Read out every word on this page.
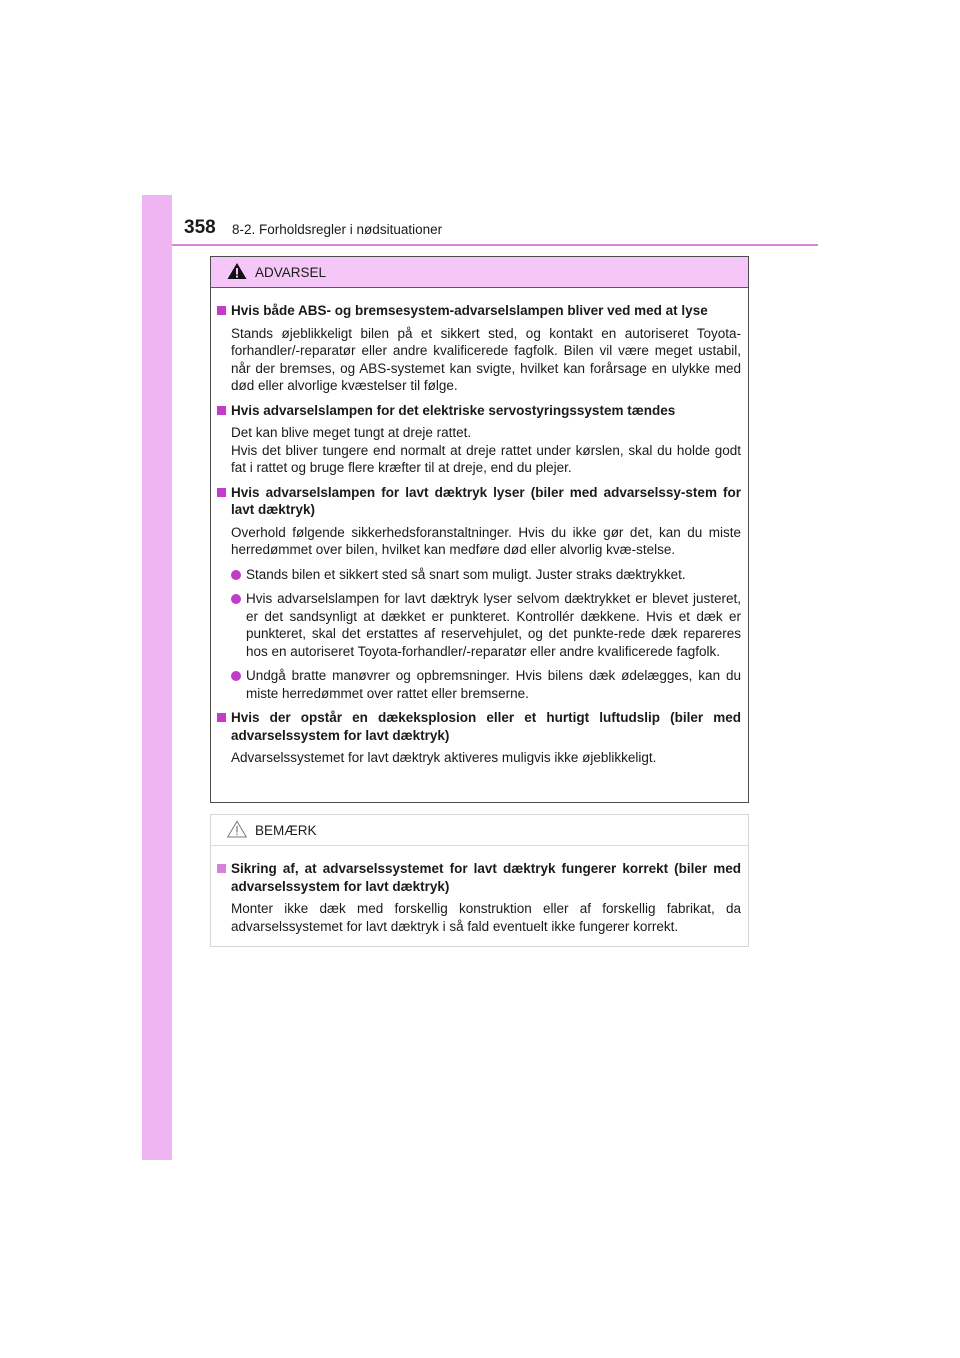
358 8-2. Forholdsregler i nødsituationer
ADVARSEL
Hvis både ABS- og bremsesystem-advarselslampen bliver ved med at lyse

Stands øjeblikkeligt bilen på et sikkert sted, og kontakt en autoriseret Toyota-forhandler/-reparatør eller andre kvalificerede fagfolk. Bilen vil være meget ustabil, når der bremses, og ABS-systemet kan svigte, hvilket kan forårsage en ulykke med død eller alvorlige kvæstelser til følge.

Hvis advarselslampen for det elektriske servostyringssystem tændes

Det kan blive meget tungt at dreje rattet.

Hvis det bliver tungere end normalt at dreje rattet under kørslen, skal du holde godt fat i rattet og bruge flere kræfter til at dreje, end du plejer.

Hvis advarselslampen for lavt dæktryk lyser (biler med advarselssy-stem for lavt dæktryk)

Overhold følgende sikkerhedsforanstaltninger. Hvis du ikke gør det, kan du miste herredømmet over bilen, hvilket kan medføre død eller alvorlig kvæ-stelse.

Stands bilen et sikkert sted så snart som muligt. Juster straks dæktrykket.
Hvis advarselslampen for lavt dæktryk lyser selvom dæktrykket er blevet justeret, er det sandsynligt at dækket er punkteret. Kontrollér dækkene. Hvis et dæk er punkteret, skal det erstattes af reservehjulet, og det punkte-rede dæk repareres hos en autoriseret Toyota-forhandler/-reparatør eller andre kvalificerede fagfolk.
Undgå bratte manøvrer og opbremsninger. Hvis bilens dæk ødelægges, kan du miste herredømmet over rattet eller bremserne.
Hvis der opstår en dækeksplosion eller et hurtigt luftudslip (biler med advarselssystem for lavt dæktryk)

Advarselssystemet for lavt dæktryk aktiveres muligvis ikke øjeblikkeligt.

BEMÆRK
Sikring af, at advarselssystemet for lavt dæktryk fungerer korrekt (biler med advarselssystem for lavt dæktryk)

Monter ikke dæk med forskellig konstruktion eller af forskellig fabrikat, da advarselssystemet for lavt dæktryk i så fald eventuelt ikke fungerer korrekt.
